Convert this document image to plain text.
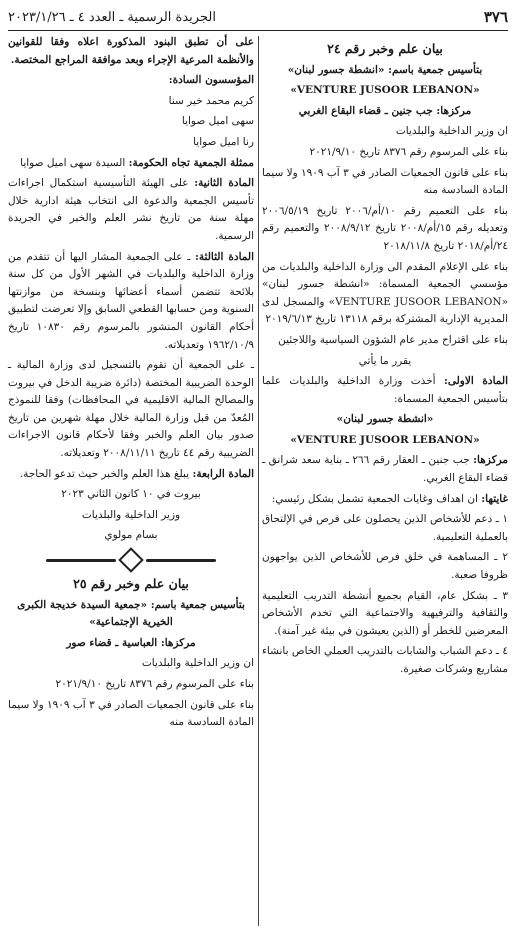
٣٧٦
الجريدة الرسمية ـ العدد ٤ ـ ٢٠٢٣/١/٢٦
بيان علم وخبر رقم ٢٤

بتأسيس جمعية باسم: «انشطة جسور لبنان»

«VENTURE JUSOOR LEBANON»

مركزها: جب جنين ـ قضاء البقاع الغربي

ان وزير الداخلية والبلديات

بناء على المرسوم رقم ٨٣٧٦ تاريخ ٢٠٢١/٩/١٠

بناء على قانون الجمعيات الصادر في ٣ آب ١٩٠٩ ولا سيما المادة السادسة منه

بناء على التعميم رقم ١٠/أم/٢٠٠٦ تاريخ ٢٠٠٦/٥/١٩ وتعديله رقم ١٥/أم/٢٠٠٨ تاريخ ٢٠٠٨/٩/١٢ والتعميم رقم ٢٤/أم/٢٠١٨ تاريخ ٢٠١٨/١١/٨

بناء على الإعلام المقدم الى وزارة الداخلية والبلديات من مؤسسي الجمعية المسماة: «انشطة جسور لبنان» «VENTURE JUSOOR LEBANON» والمسجل لدى المديرية الإدارية المشتركة برقم ١٣١١٨ تاريخ ٢٠١٩/٦/١٣

بناء على اقتراح مدير عام الشؤون السياسية واللاجئين

يقرر ما يأتي

المادة الاولى: أخذت وزارة الداخلية والبلديات علما بتأسيس الجمعية المسماة:

«انشطة جسور لبنان»

«VENTURE JUSOOR LEBANON»

مركزها: جب جنين ـ العقار رقم ٢٦٦ ـ بناية سعد شرانق ـ قضاء البقاع الغربي.

غايتها: ان اهداف وغايات الجمعية تشمل بشكل رئيسي:

١ ـ دعم للأشخاص الذين يحصلون على فرص في الإلتحاق بالعملية التعليمية.

٢ ـ المساهمة في خلق فرص للأشخاص الذين يواجهون ظروفا صعبة.

٣ ـ بشكل عام، القيام بجميع أنشطة التدريب التعليمية والثقافية والترفيهية والاجتماعية التي تخدم الأشخاص المعرضين للخطر أو (الذين يعيشون في بيئة غير آمنة).

٤ ـ دعم الشباب والشابات بالتدريب العملي الخاص بانشاء مشاريع وشركات صغيرة.

على أن تطبق البنود المذكورة اعلاه وفقا للقوانين والأنظمة المرعية الإجراء وبعد موافقة المراجع المختصة.

المؤسسون السادة:

كريم محمد خير سنا

سهى اميل صوايا

رنا اميل صوايا

ممثلة الجمعية تجاه الحكومة: السيدة سهى اميل صوايا

المادة الثانية: على الهيئة التأسيسية استكمال اجراءات تأسيس الجمعية والدعوة الى انتخاب هيئة ادارية خلال مهلة سنة من تاريخ نشر العلم والخبر في الجريدة الرسمية.

المادة الثالثة: ـ على الجمعية المشار اليها أن تتقدم من وزارة الداخلية والبلديات في الشهر الأول من كل سنة بلائحة تتضمن أسماء أعضائها وبنسخة من موازنتها السنوية ومن حسابها القطعي السابق وإلا تعرضت لتطبيق أحكام القانون المنشور بالمرسوم رقم ١٠٨٣٠ تاريخ ١٩٦٢/١٠/٩ وتعديلاته.

ـ على الجمعية أن تقوم بالتسجيل لدى وزارة المالية ـ الوحدة الضريبية المختصة (دائرة ضريبة الدخل في بيروت والمصالح المالية الاقليمية في المحافظات) وفقا للنموذج المُعدّ من قبل وزارة المالية خلال مهلة شهرين من تاريخ صدور بيان العلم والخبر وفقا لأحكام قانون الاجراءات الضريبية رقم ٤٤ تاريخ ٢٠٠٨/١١/١١ وتعديلاته.

المادة الرابعة: يبلغ هذا العلم والخبر حيث تدعو الحاجة.

بيروت في ١٠ كانون الثاني ٢٠٢٣

وزير الداخلية والبلديات

بسام مولوي

بيان علم وخبر رقم ٢٥

بتأسيس جمعية باسم: «جمعية السيدة خديجة الكبرى الخيرية الإجتماعية»

مركزها: العباسية ـ قضاء صور

ان وزير الداخلية والبلديات

بناء على المرسوم رقم ٨٣٧٦ تاريخ ٢٠٢١/٩/١٠

بناء على قانون الجمعيات الصادر في ٣ آب ١٩٠٩ ولا سيما المادة السادسة منه
